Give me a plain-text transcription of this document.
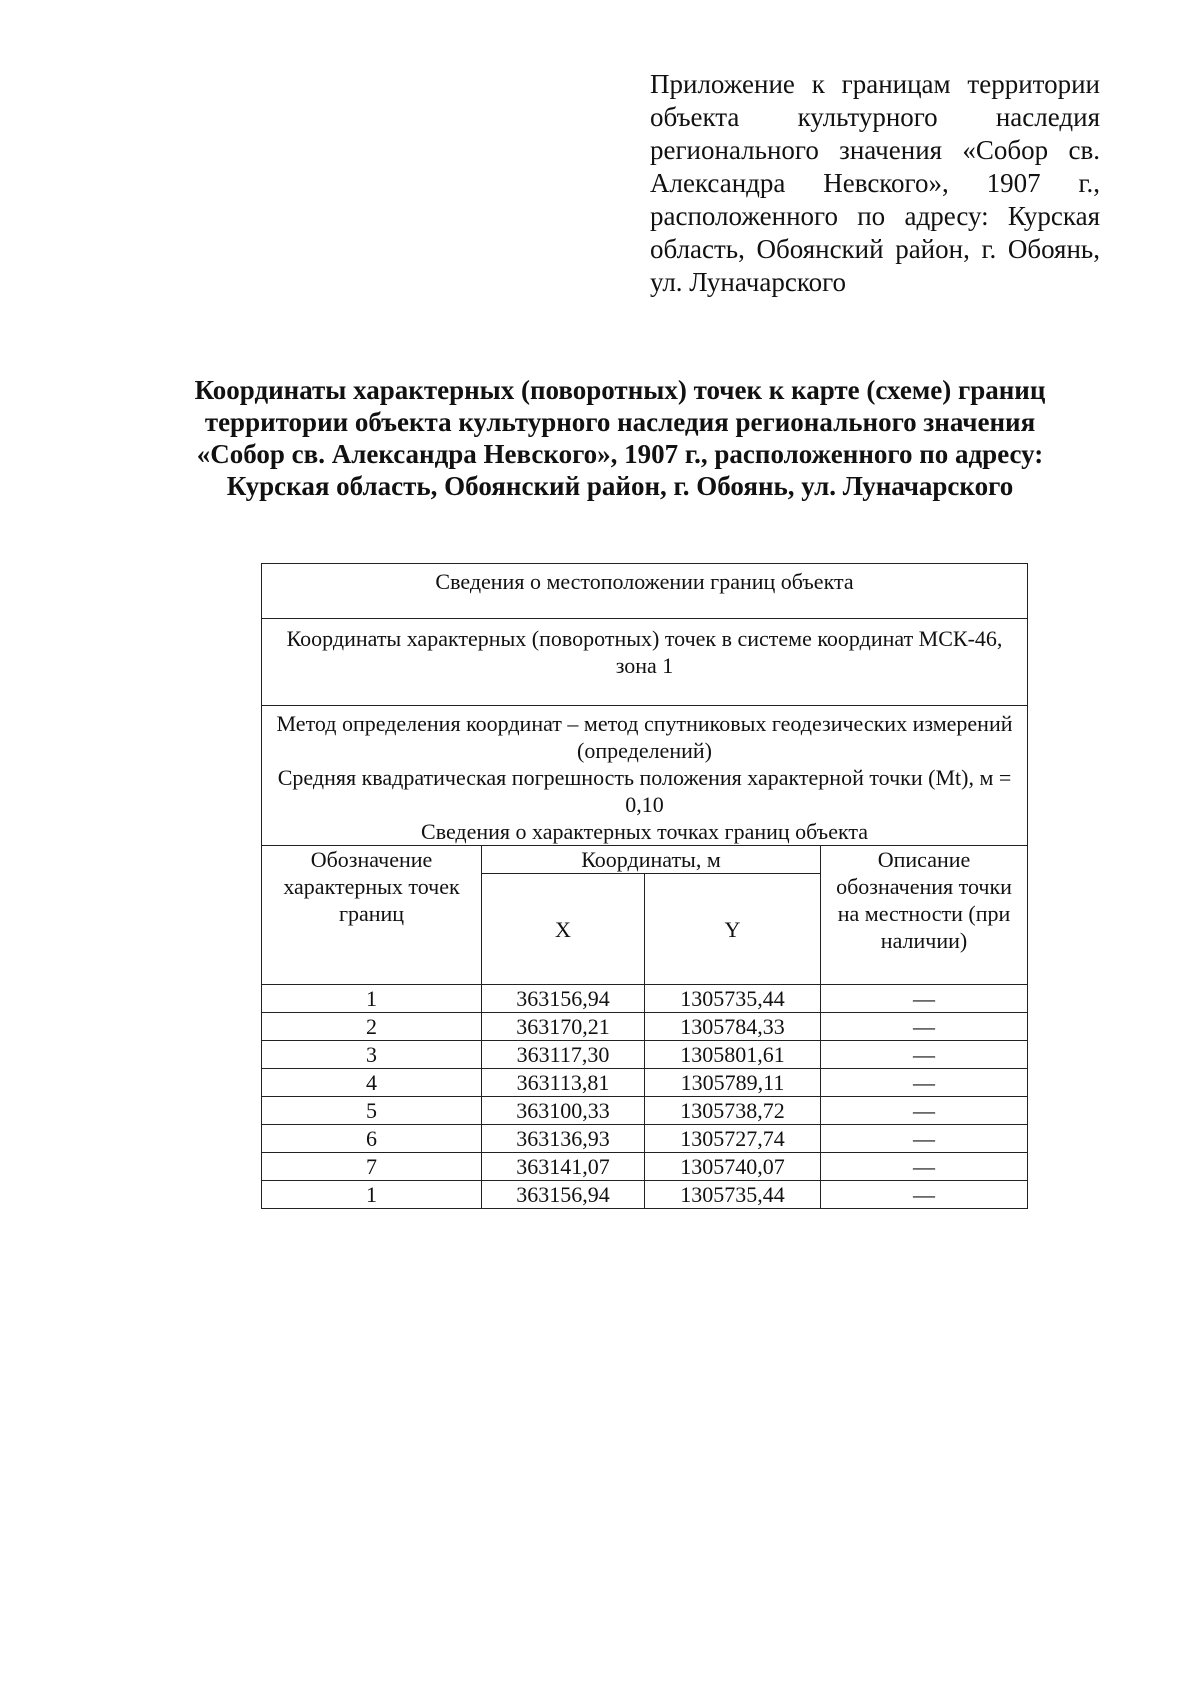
Приложение к границам территории объекта культурного наследия регионального значения «Собор св. Александра Невского», 1907 г., расположенного по адресу: Курская область, Обоянский район, г. Обоянь, ул. Луначарского
Координаты характерных (поворотных) точек к карте (схеме) границ
территории объекта культурного наследия регионального значения
«Собор св. Александра Невского», 1907 г., расположенного по адресу:
Курская область, Обоянский район, г. Обоянь, ул. Луначарского
Сведения о местоположении границ объекта			
Координаты характерных (поворотных) точек в системе координат МСК-46, зона 1			

Метод определения координат – метод спутниковых геодезических измерений (определений)
Средняя квадратическая погрешность положения характерной точки (Mt), м = 0,10
Сведения о характерных точках границ объекта			

Обозначение характерных точек границ	Координаты, м		Описание обозначения точки на местности (при наличии)
	X	Y	
1	363156,94	1305735,44	—
2	363170,21	1305784,33	—
3	363117,30	1305801,61	—
4	363113,81	1305789,11	—
5	363100,33	1305738,72	—
6	363136,93	1305727,74	—
7	363141,07	1305740,07	—
1	363156,94	1305735,44	—
